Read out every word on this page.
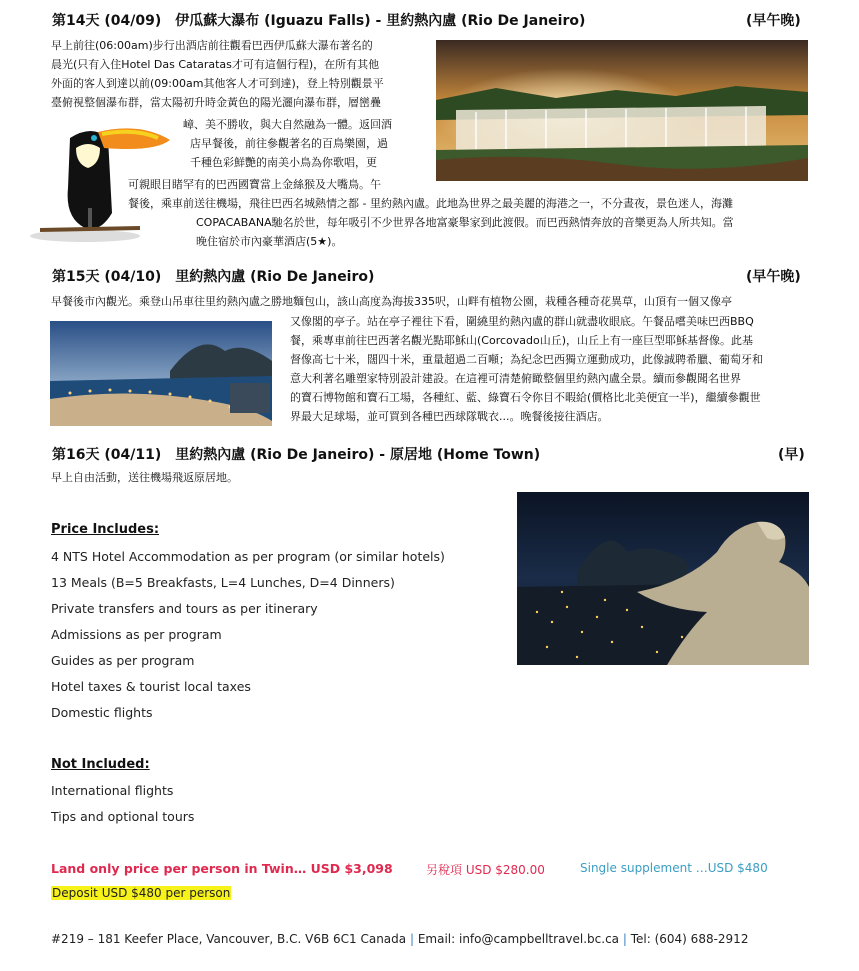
第14天 (04/09)　伊瓜蘇大瀑布 (Iguazu Falls) - 里約熱內盧 (Rio De Janeiro)	(早午晚)
早上前往(06:00am)步行出酒店前往觀看巴西伊瓜蘇大瀑布著名的
晨光(只有入住Hotel Das Cataratas才可有這個行程)，在所有其他
外面的客人到達以前(09:00am其他客人才可到達)，登上特別觀景平
臺俯視整個瀑布群，當太陽初升時金黃色的陽光灑向瀑布群，層巒疊
嶂、美不勝收，與大自然融為一體。返回酒
店早餐後，前往參觀著名的百鳥樂園，過
千種色彩鮮艷的南美小鳥為你歌唱，更
可親眼目睹罕有的巴西國寶當上金絲猴及大嘴鳥。午
餐後，乘車前送往機場，飛往巴西名城熱情之都 - 里約熱內盧。此地為世界之最美麗的海港之一，不分晝夜，景色迷人，海灘
COPACABANA馳名於世，每年吸引不少世界各地富豪舉家到此渡假。而巴西熱情奔放的音樂更為人所共知。當
晚住宿於市內豪華酒店(5★)。
第15天 (04/10)　里約熱內盧 (Rio De Janeiro)	(早午晚)
早餐後市內觀光。乘登山吊車往里約熱內盧之勝地麵包山，該山高度為海拔335呎，山畔有植物公園，栽種各種奇花異草，山頂有一個又像亭
又像閣的亭子。站在亭子裡往下看，圍繞里約熱內盧的群山就盡收眼底。午餐品嚐美味巴西BBQ
餐，乘專車前往巴西著名觀光點耶穌山(Corcovado山丘)，山丘上有一座巨型耶穌基督像。此基
督像高七十米，闊四十米，重量超過二百噸；為紀念巴西獨立運動成功，此像誠聘希臘、葡萄牙和
意大利著名雕塑家特別設計建設。在這裡可清楚俯瞰整個里約熱內盧全景。續而參觀聞名世界
的寶石博物館和寶石工場，各種紅、藍、綠寶石令你目不暇給(價格比北美便宜一半)，繼續參觀世
界最大足球場，並可買到各種巴西球隊戰衣...。晚餐後接往酒店。
第16天 (04/11)　里約熱內盧 (Rio De Janeiro) - 原居地 (Home Town)	(早)
早上自由活動，送往機場飛返原居地。
Price Includes:
4 NTS Hotel Accommodation as per program (or similar hotels)
13 Meals (B=5 Breakfasts, L=4 Lunches, D=4 Dinners)
Private transfers and tours as per itinerary
Admissions as per program
Guides as per program
Hotel taxes & tourist local taxes
Domestic flights
Not Included:
International flights
Tips and optional tours
Land only price per person in Twin… USD $3,098	另稅項 USD $280.00	Single supplement …USD $480
Deposit USD $480 per person
#219 – 181 Keefer Place, Vancouver, B.C. V6B 6C1 Canada | Email: info@campbelltravel.bc.ca | Tel: (604) 688-2912
